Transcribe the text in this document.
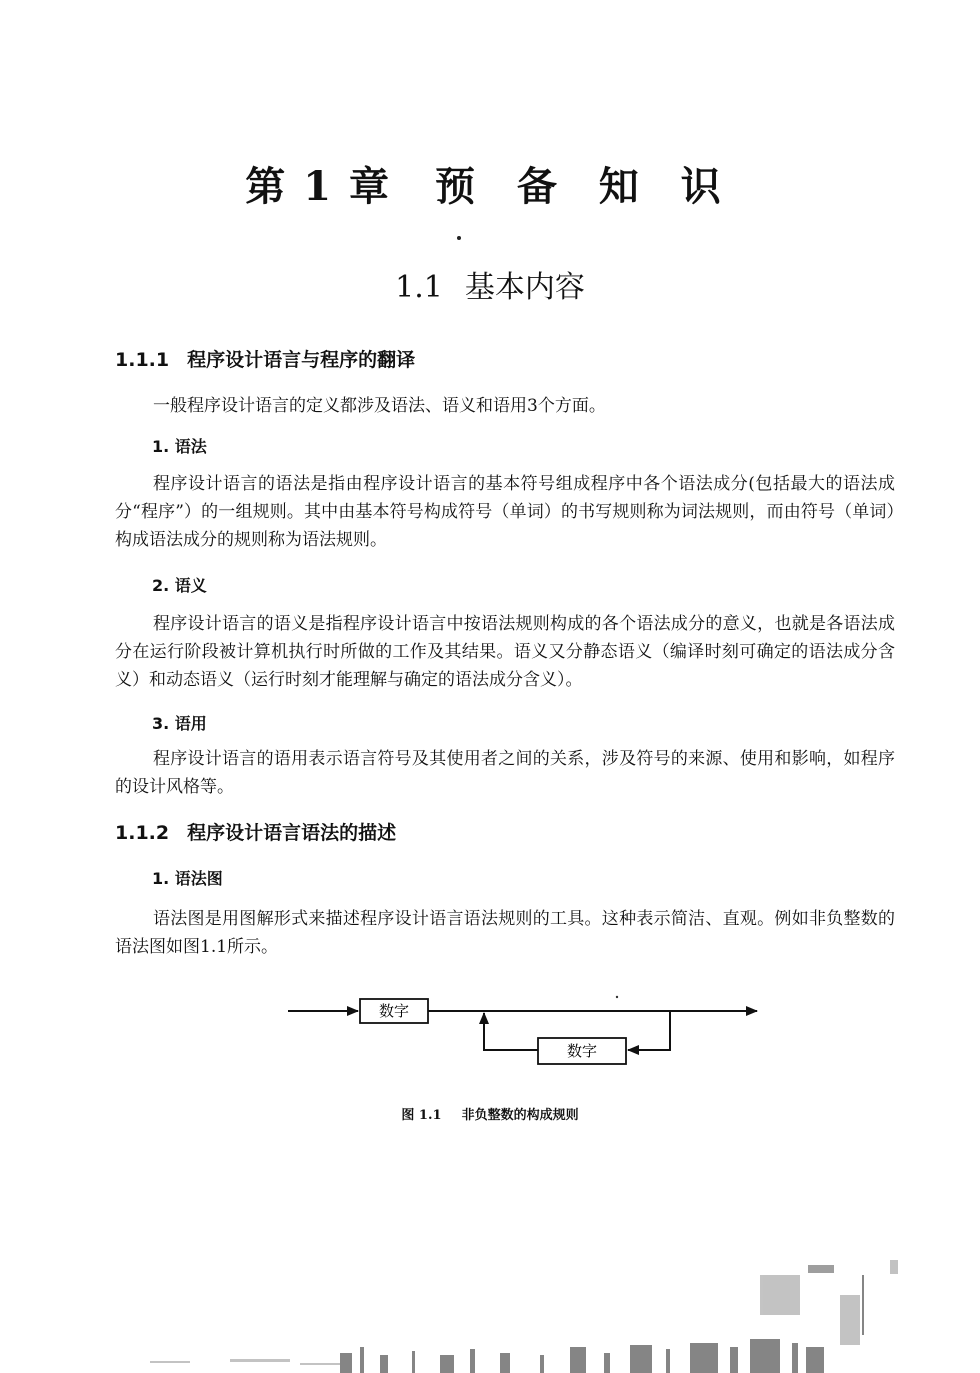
第 1 章 预 备 知 识
1.1 基本内容
1.1.1 程序设计语言与程序的翻译

一般程序设计语言的定义都涉及语法、语义和语用3个方面。

1. 语法

程序设计语言的语法是指由程序设计语言的基本符号组成程序中各个语法成分(包括最大的语法成分“程序”）的一组规则。其中由基本符号构成符号（单词）的书写规则称为词法规则，而由符号（单词）构成语法成分的规则称为语法规则。

2. 语义

程序设计语言的语义是指程序设计语言中按语法规则构成的各个语法成分的意义，也就是各语法成分在运行阶段被计算机执行时所做的工作及其结果。语义又分静态语义（编译时刻可确定的语法成分含义）和动态语义（运行时刻才能理解与确定的语法成分含义）。

3. 语用

程序设计语言的语用表示语言符号及其使用者之间的关系，涉及符号的来源、使用和影响，如程序的设计风格等。

1.1.2 程序设计语言语法的描述
1. 语法图

语法图是用图解形式来描述程序设计语言语法规则的工具。这种表示简洁、直观。例如非负整数的语法图如图1.1所示。

数字
数字
图 1.1 非负整数的构成规则
